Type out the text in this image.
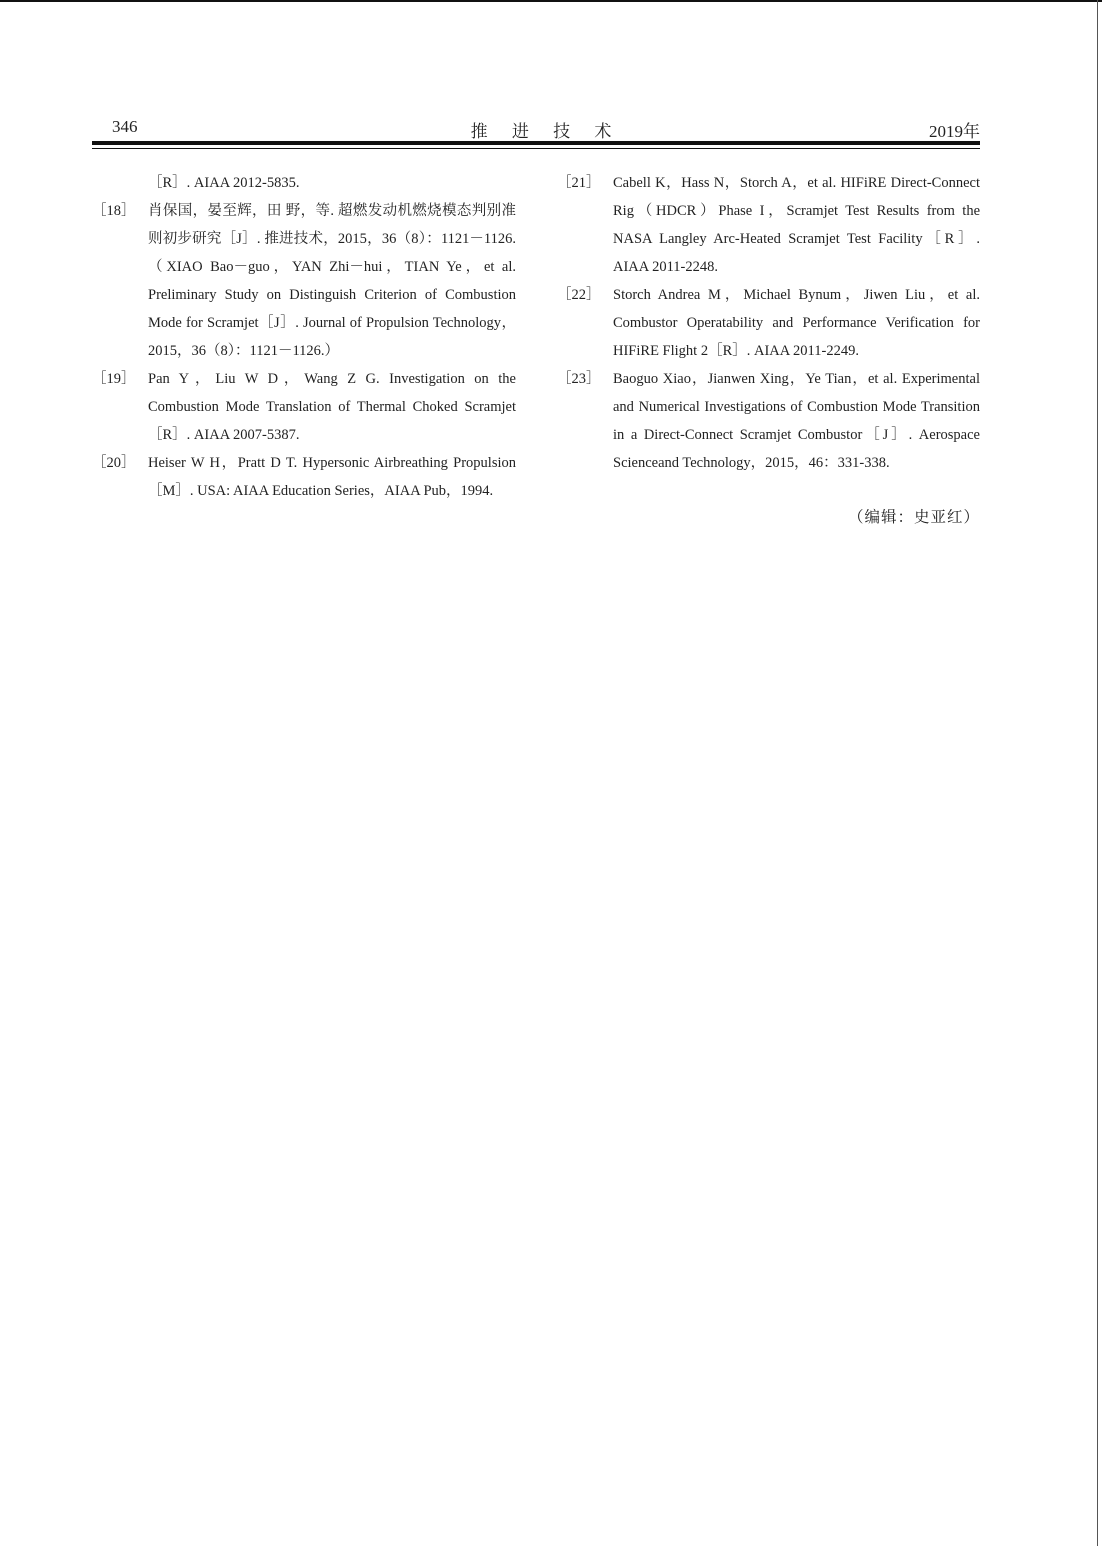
346	推 进 技 术	2019年
［R］. AIAA 2012-5835.
［18］ 肖保国，晏至辉，田 野，等. 超燃发动机燃烧模态判别准则初步研究［J］. 推进技术，2015，36（8）：1121－1126.（XIAO Bao－guo，YAN Zhi－hui，TIAN Ye，et al. Preliminary Study on Distinguish Criterion of Combustion Mode for Scramjet［J］. Journal of Propulsion Technology，2015，36（8）：1121－1126.）
［19］ Pan Y，Liu W D，Wang Z G. Investigation on the Combustion Mode Translation of Thermal Choked Scramjet［R］. AIAA 2007-5387.
［20］ Heiser W H，Pratt D T. Hypersonic Airbreathing Propulsion［M］. USA: AIAA Education Series，AIAA Pub，1994.
［21］ Cabell K，Hass N，Storch A，et al. HIFiRE Direct-Connect Rig（HDCR）Phase I，Scramjet Test Results from the NASA Langley Arc-Heated Scramjet Test Facility［R］. AIAA 2011-2248.
［22］ Storch Andrea M，Michael Bynum，Jiwen Liu，et al. Combustor Operatability and Performance Verification for HIFiRE Flight 2［R］. AIAA 2011-2249.
［23］ Baoguo Xiao，Jianwen Xing，Ye Tian，et al. Experimental and Numerical Investigations of Combustion Mode Transition in a Direct-Connect Scramjet Combustor［J］. Aerospace Scienceand Technology，2015，46：331-338.
（编辑：史亚红）
